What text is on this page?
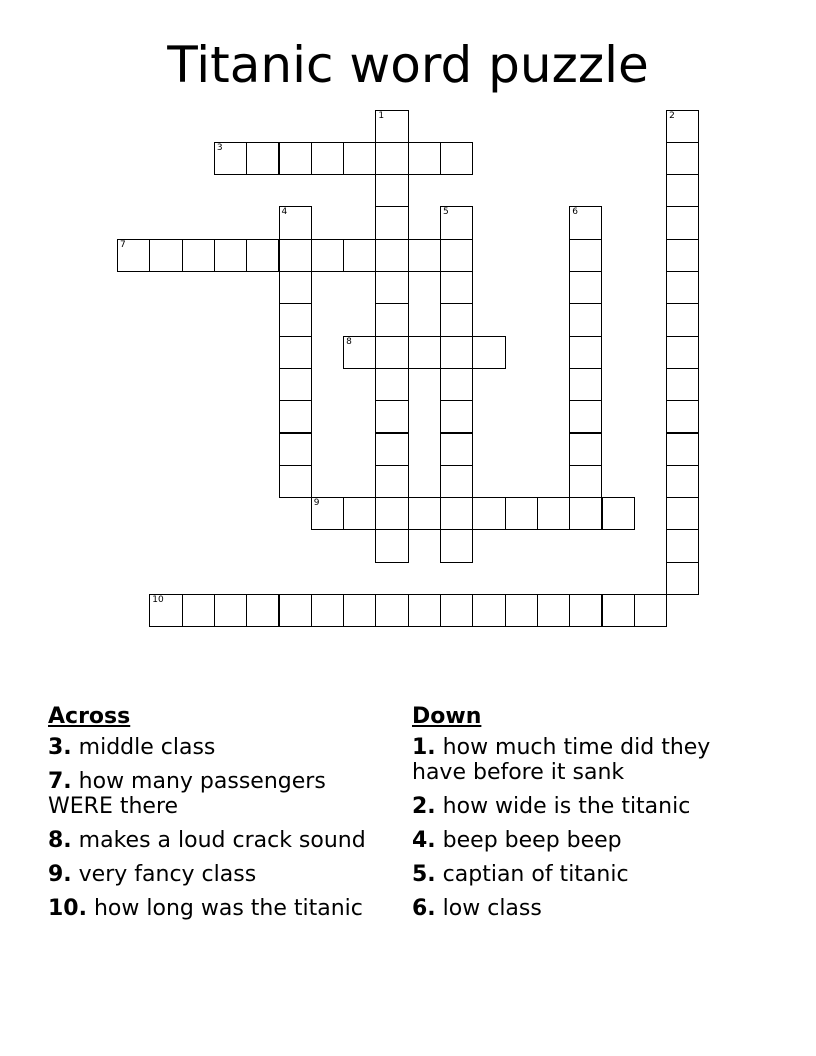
Titanic word puzzle
1	2
3
4	5	6
7
8
9
10
Across
3. middle class
7. how many passengers WERE there
8. makes a loud crack sound
9. very fancy class
10. how long was the titanic
Down
1. how much time did they have before it sank
2. how wide is the titanic
4. beep beep beep
5. captian of titanic
6. low class
